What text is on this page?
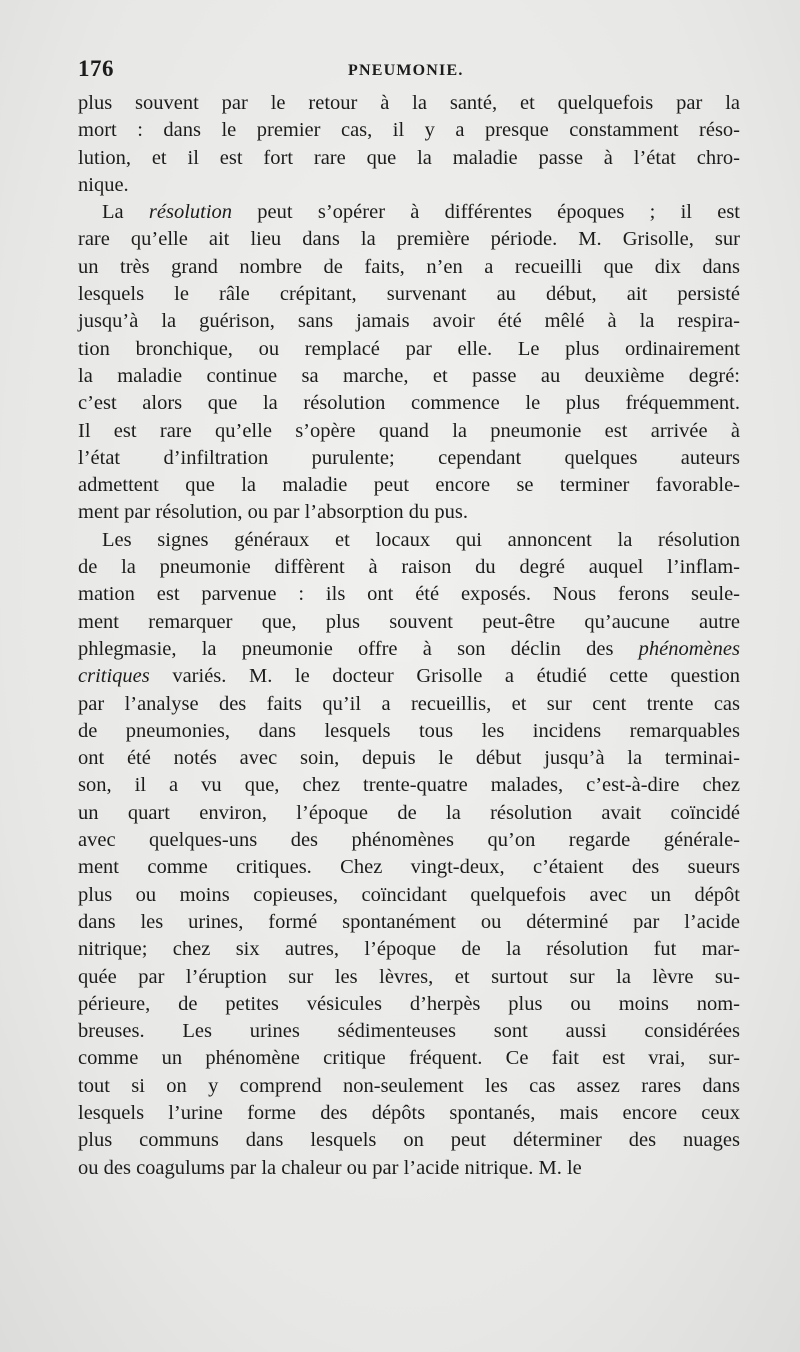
176	PNEUMONIE.
plus souvent par le retour à la santé, et quelquefois par la
mort : dans le premier cas, il y a presque constamment réso-
lution, et il est fort rare que la maladie passe à l’état chro-
nique.
La résolution peut s’opérer à différentes époques ; il est
rare qu’elle ait lieu dans la première période. M. Grisolle, sur
un très grand nombre de faits, n’en a recueilli que dix dans
lesquels le râle crépitant, survenant au début, ait persisté
jusqu’à la guérison, sans jamais avoir été mêlé à la respira-
tion bronchique, ou remplacé par elle. Le plus ordinairement
la maladie continue sa marche, et passe au deuxième degré:
c’est alors que la résolution commence le plus fréquemment.
Il est rare qu’elle s’opère quand la pneumonie est arrivée à
l’état d’infiltration purulente; cependant quelques auteurs
admettent que la maladie peut encore se terminer favorable-
ment par résolution, ou par l’absorption du pus.
Les signes généraux et locaux qui annoncent la résolution
de la pneumonie diffèrent à raison du degré auquel l’inflam-
mation est parvenue : ils ont été exposés. Nous ferons seule-
ment remarquer que, plus souvent peut-être qu’aucune autre
phlegmasie, la pneumonie offre à son déclin des phénomènes
critiques variés. M. le docteur Grisolle a étudié cette question
par l’analyse des faits qu’il a recueillis, et sur cent trente cas
de pneumonies, dans lesquels tous les incidens remarquables
ont été notés avec soin, depuis le début jusqu’à la terminai-
son, il a vu que, chez trente-quatre malades, c’est-à-dire chez
un quart environ, l’époque de la résolution avait coïncidé
avec quelques-uns des phénomènes qu’on regarde générale-
ment comme critiques. Chez vingt-deux, c’étaient des sueurs
plus ou moins copieuses, coïncidant quelquefois avec un dépôt
dans les urines, formé spontanément ou déterminé par l’acide
nitrique; chez six autres, l’époque de la résolution fut mar-
quée par l’éruption sur les lèvres, et surtout sur la lèvre su-
périeure, de petites vésicules d’herpès plus ou moins nom-
breuses. Les urines sédimenteuses sont aussi considérées
comme un phénomène critique fréquent. Ce fait est vrai, sur-
tout si on y comprend non-seulement les cas assez rares dans
lesquels l’urine forme des dépôts spontanés, mais encore ceux
plus communs dans lesquels on peut déterminer des nuages
ou des coagulums par la chaleur ou par l’acide nitrique. M. le
